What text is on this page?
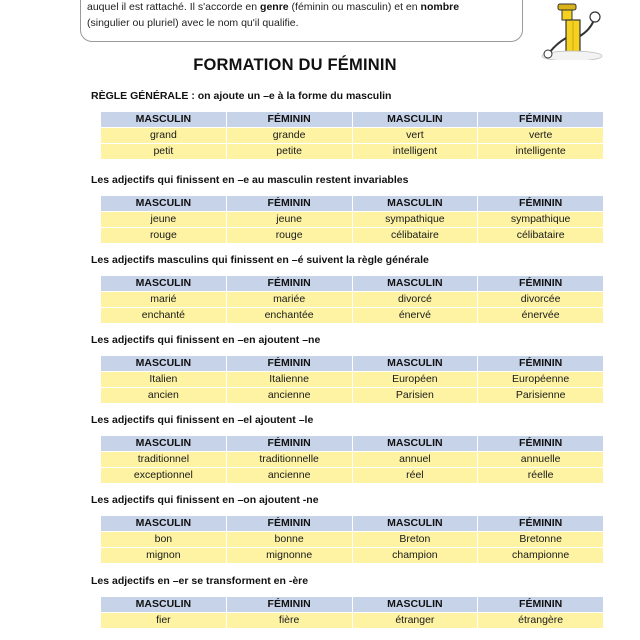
auquel il est rattaché. Il s'accorde en genre (féminin ou masculin) et en nombre
(singulier ou pluriel) avec le nom qu'il qualifie.
FORMATION DU FÉMININ
RÈGLE GÉNÉRALE : on ajoute un –e à la forme du masculin
MASCULIN	FÉMININ	MASCULIN	FÉMININ
grand	grande	vert	verte
petit	petite	intelligent	intelligente
Les adjectifs qui finissent en –e au masculin restent invariables
MASCULIN	FÉMININ	MASCULIN	FÉMININ
jeune	jeune	sympathique	sympathique
rouge	rouge	célibataire	célibataire
Les adjectifs masculins qui finissent en –é suivent la règle générale
MASCULIN	FÉMININ	MASCULIN	FÉMININ
marié	mariée	divorcé	divorcée
enchanté	enchantée	énervé	énervée
Les adjectifs qui finissent en –en ajoutent –ne
MASCULIN	FÉMININ	MASCULIN	FÉMININ
Italien	Italienne	Européen	Européenne
ancien	ancienne	Parisien	Parisienne
Les adjectifs qui finissent en –el ajoutent –le
MASCULIN	FÉMININ	MASCULIN	FÉMININ
traditionnel	traditionnelle	annuel	annuelle
exceptionnel	ancienne	réel	réelle
Les adjectifs qui finissent en –on ajoutent -ne
MASCULIN	FÉMININ	MASCULIN	FÉMININ
bon	bonne	Breton	Bretonne
mignon	mignonne	champion	championne
Les adjectifs en –er se transforment en -ère
MASCULIN	FÉMININ	MASCULIN	FÉMININ
fier	fière	étranger	étrangère
